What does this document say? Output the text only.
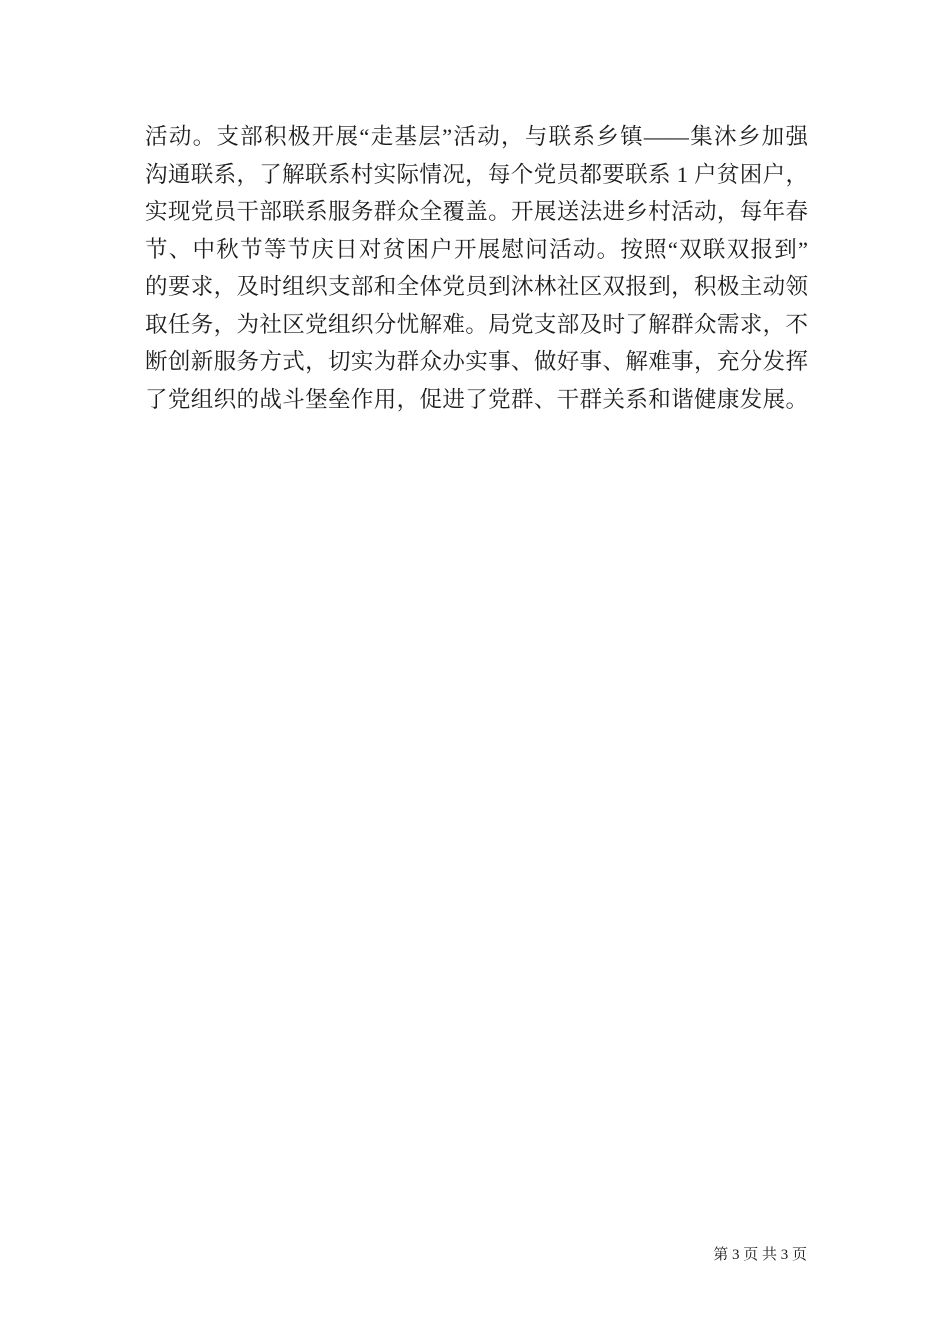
活动。支部积极开展“走基层”活动，与联系乡镇——集沐乡加强
沟通联系，了解联系村实际情况，每个党员都要联系 1 户贫困户，
实现党员干部联系服务群众全覆盖。开展送法进乡村活动，每年春
节、中秋节等节庆日对贫困户开展慰问活动。按照“双联双报到”
的要求，及时组织支部和全体党员到沐林社区双报到，积极主动领
取任务，为社区党组织分忧解难。局党支部及时了解群众需求，不
断创新服务方式，切实为群众办实事、做好事、解难事，充分发挥
了党组织的战斗堡垒作用，促进了党群、干群关系和谐健康发展。
第 3 页 共 3 页
